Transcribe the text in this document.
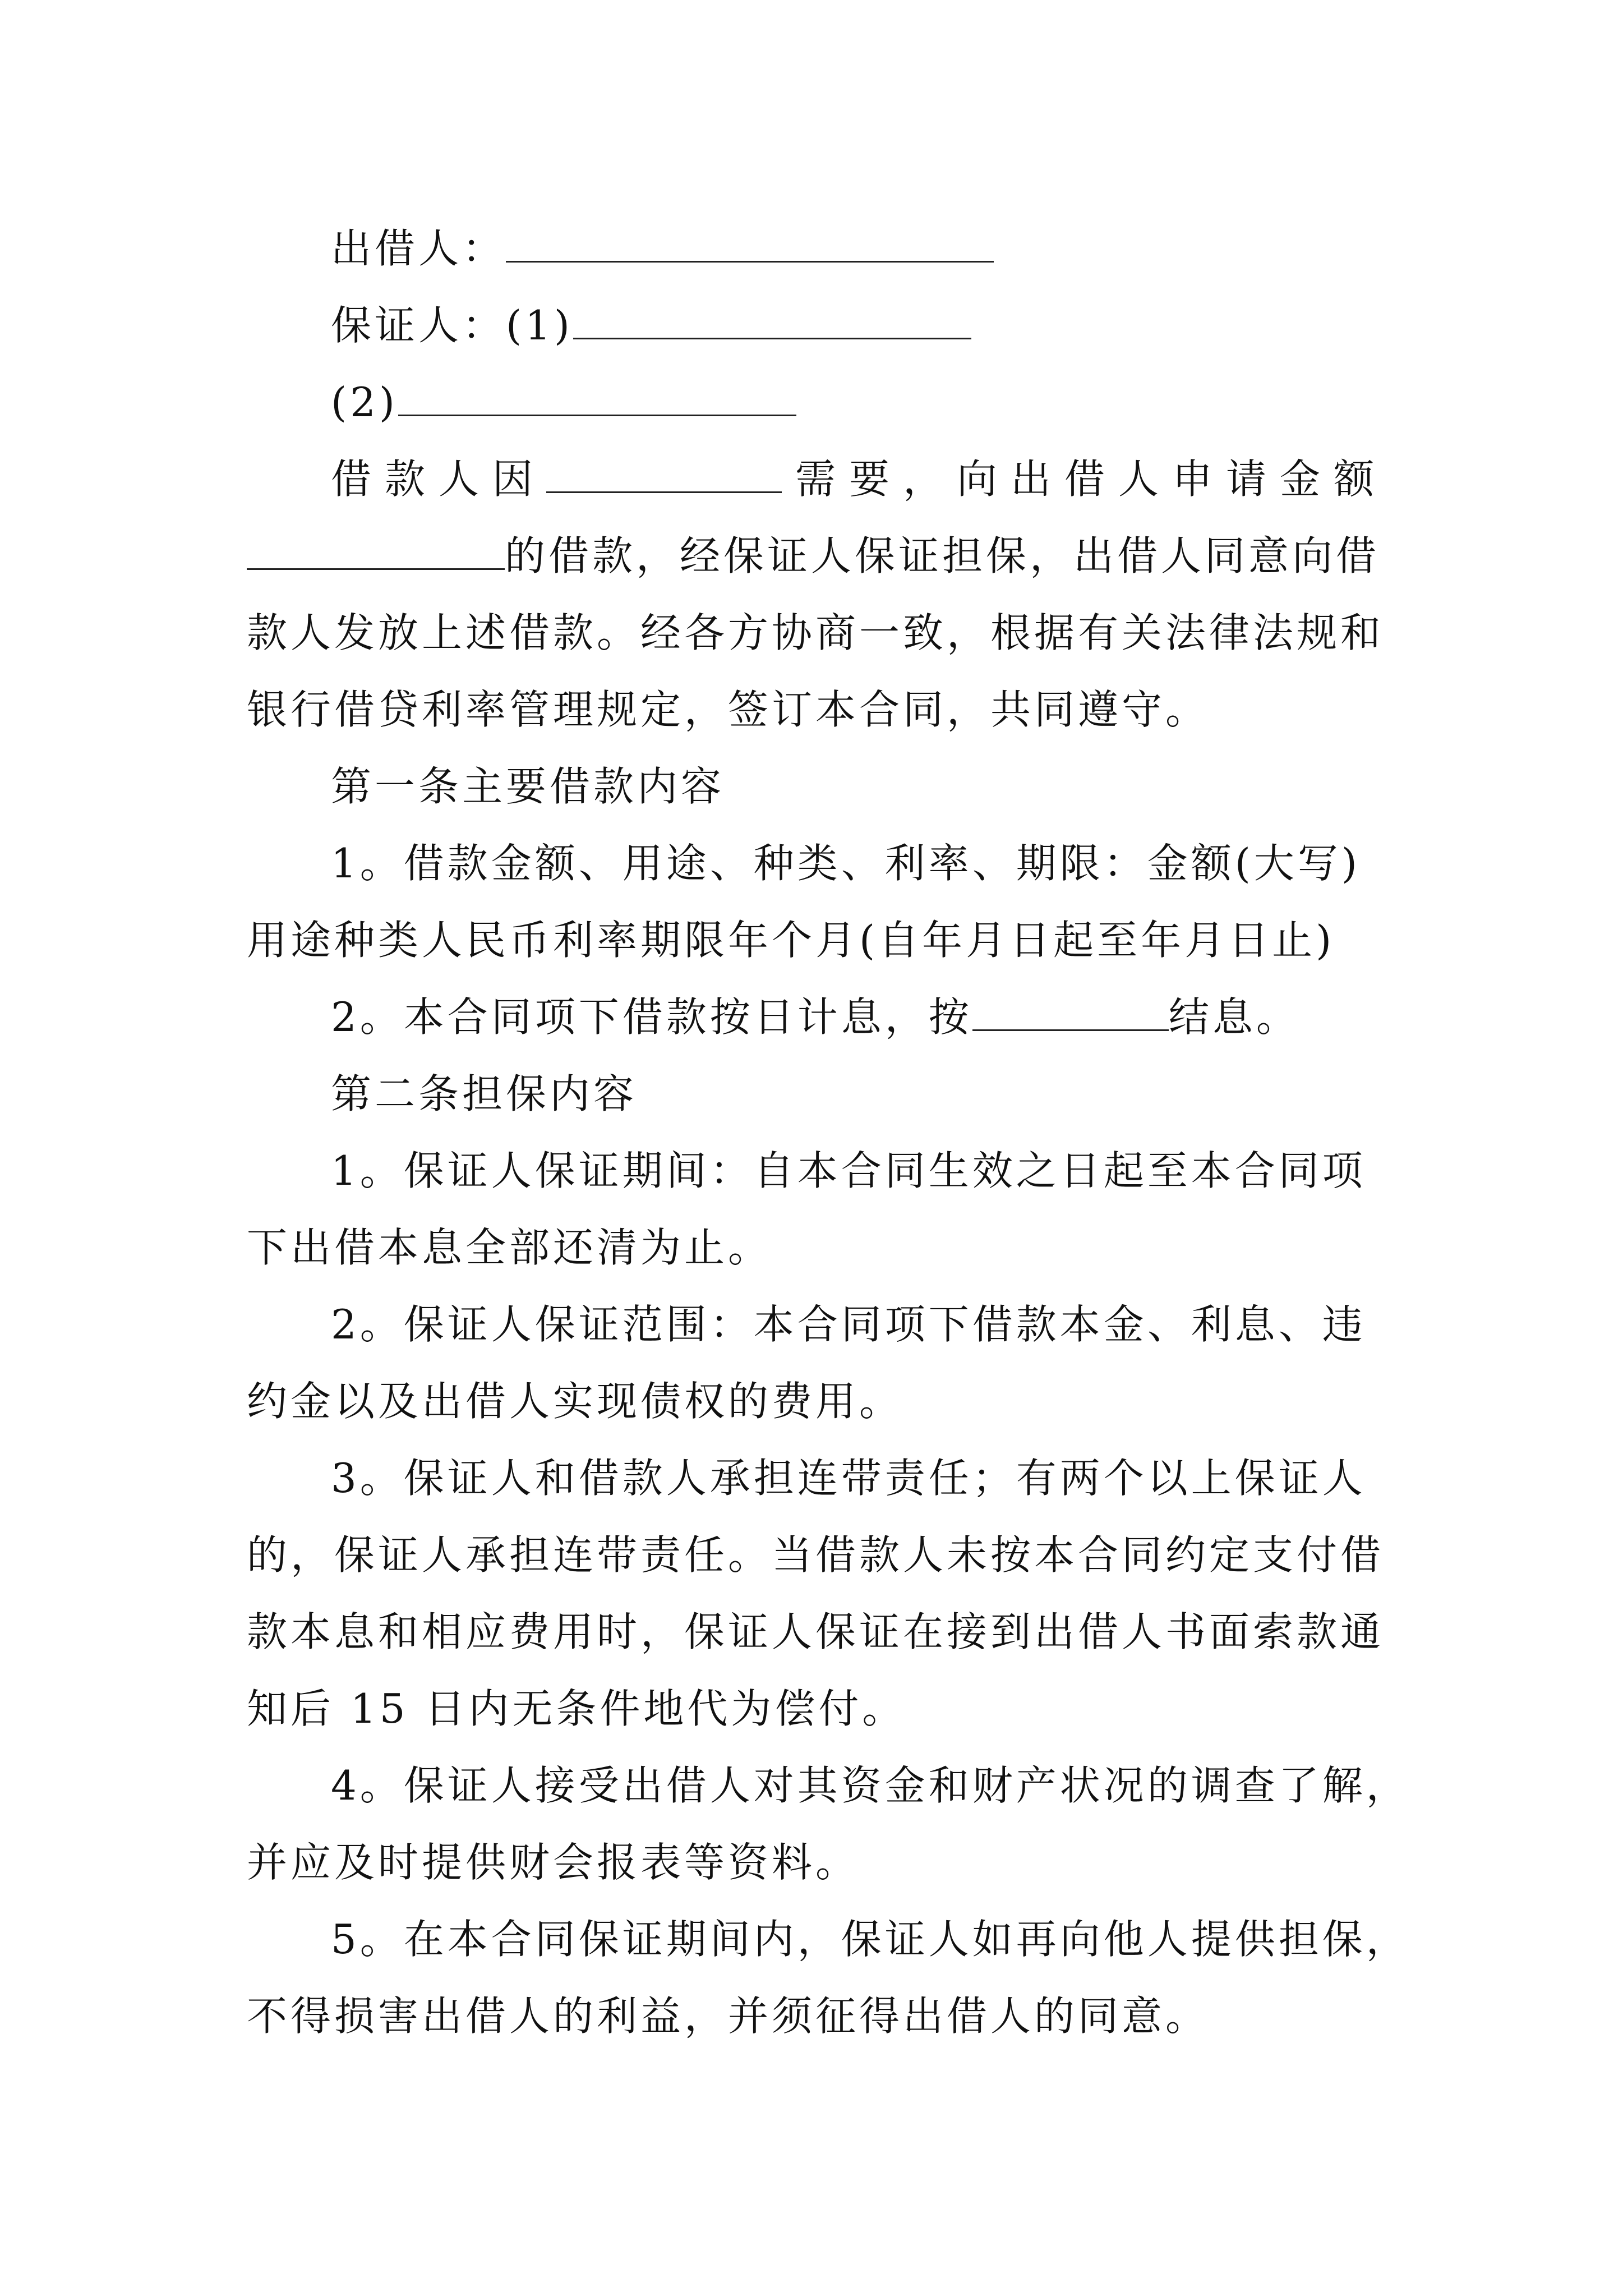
出借人：
保证人：(1)
(2)
借款人因	需要，向出借人申请金额
的借款，经保证人保证担保，出借人同意向借
款人发放上述借款。经各方协商一致，根据有关法律法规和
银行借贷利率管理规定，签订本合同，共同遵守。
第一条主要借款内容
1。借款金额、用途、种类、利率、期限：金额(大写)
用途种类人民币利率期限年个月(自年月日起至年月日止)
2。本合同项下借款按日计息，按	结息。
第二条担保内容
1。保证人保证期间：自本合同生效之日起至本合同项
下出借本息全部还清为止。
2。保证人保证范围：本合同项下借款本金、利息、违
约金以及出借人实现债权的费用。
3。保证人和借款人承担连带责任；有两个以上保证人
的，保证人承担连带责任。当借款人未按本合同约定支付借
款本息和相应费用时，保证人保证在接到出借人书面索款通
知后 15 日内无条件地代为偿付。
4。保证人接受出借人对其资金和财产状况的调查了解，
并应及时提供财会报表等资料。
5。在本合同保证期间内，保证人如再向他人提供担保，
不得损害出借人的利益，并须征得出借人的同意。
